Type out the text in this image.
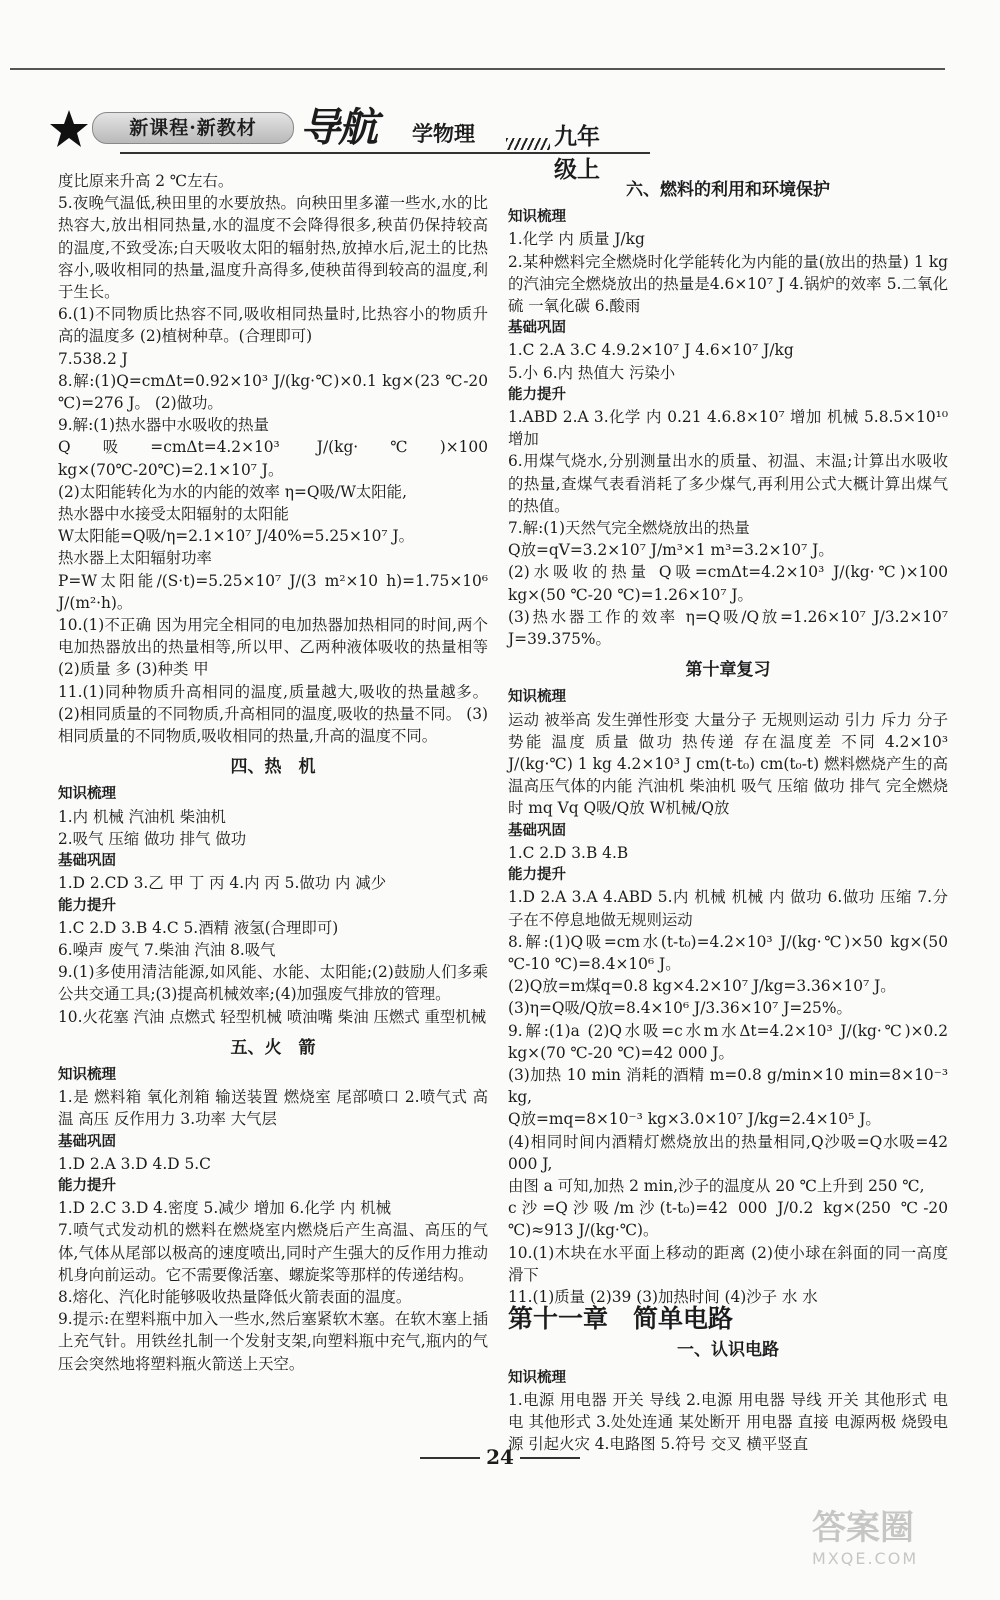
新课程·新教材	导航 学物理	九年级上

度比原来升高 2 ℃左右。

5.夜晚气温低,秧田里的水要放热。向秧田里多灌一些水,水的比热容大,放出相同热量,水的温度不会降得很多,秧苗仍保持较高的温度,不致受冻;白天吸收太阳的辐射热,放掉水后,泥土的比热容小,吸收相同的热量,温度升高得多,使秧苗得到较高的温度,利于生长。

6.(1)不同物质比热容不同,吸收相同热量时,比热容小的物质升高的温度多 (2)植树种草。(合理即可)

7.538.2 J

8.解:(1)Q=cmΔt=0.92×10³ J/(kg·℃)×0.1 kg×(23 ℃-20 ℃)=276 J。 (2)做功。

9.解:(1)热水器中水吸收的热量

Q吸=cmΔt=4.2×10³ J/(kg·℃)×100 kg×(70℃-20℃)=2.1×10⁷ J。

(2)太阳能转化为水的内能的效率 η=Q吸/W太阳能,

热水器中水接受太阳辐射的太阳能

W太阳能=Q吸/η=2.1×10⁷ J/40%=5.25×10⁷ J。

热水器上太阳辐射功率

P=W太阳能/(S·t)=5.25×10⁷ J/(3 m²×10 h)=1.75×10⁶ J/(m²·h)。

10.(1)不正确 因为用完全相同的电加热器加热相同的时间,两个电加热器放出的热量相等,所以甲、乙两种液体吸收的热量相等 (2)质量 多 (3)种类 甲

11.(1)同种物质升高相同的温度,质量越大,吸收的热量越多。 (2)相同质量的不同物质,升高相同的温度,吸收的热量不同。 (3)相同质量的不同物质,吸收相同的热量,升高的温度不同。

四、热　机

知识梳理

1.内 机械 汽油机 柴油机

2.吸气 压缩 做功 排气 做功

基础巩固

1.D 2.CD 3.乙 甲 丁 丙 4.内 丙 5.做功 内 减少

能力提升

1.C 2.D 3.B 4.C 5.酒精 液氢(合理即可)

6.噪声 废气 7.柴油 汽油 8.吸气

9.(1)多使用清洁能源,如风能、水能、太阳能;(2)鼓励人们多乘公共交通工具;(3)提高机械效率;(4)加强废气排放的管理。

10.火花塞 汽油 点燃式 轻型机械 喷油嘴 柴油 压燃式 重型机械

五、火　箭

知识梳理

1.是 燃料箱 氧化剂箱 输送装置 燃烧室 尾部喷口 2.喷气式 高温 高压 反作用力 3.功率 大气层

基础巩固

1.D 2.A 3.D 4.D 5.C

能力提升

1.D 2.C 3.D 4.密度 5.减少 增加 6.化学 内 机械

7.喷气式发动机的燃料在燃烧室内燃烧后产生高温、高压的气体,气体从尾部以极高的速度喷出,同时产生强大的反作用力推动机身向前运动。它不需要像活塞、螺旋桨等那样的传递结构。

8.熔化、汽化时能够吸收热量降低火箭表面的温度。

9.提示:在塑料瓶中加入一些水,然后塞紧软木塞。在软木塞上插上充气针。用铁丝扎制一个发射支架,向塑料瓶中充气,瓶内的气压会突然地将塑料瓶火箭送上天空。

六、燃料的利用和环境保护

知识梳理

1.化学 内 质量 J/kg

2.某种燃料完全燃烧时化学能转化为内能的量(放出的热量) 1 kg 的汽油完全燃烧放出的热量是4.6×10⁷ J 4.锅炉的效率 5.二氧化硫 一氧化碳 6.酸雨

基础巩固

1.C 2.A 3.C 4.9.2×10⁷ J 4.6×10⁷ J/kg

5.小 6.内 热值大 污染小

能力提升

1.ABD 2.A 3.化学 内 0.21 4.6.8×10⁷ 增加 机械 5.8.5×10¹⁰ 增加

6.用煤气烧水,分别测量出水的质量、初温、末温;计算出水吸收的热量,查煤气表看消耗了多少煤气,再利用公式大概计算出煤气的热值。

7.解:(1)天然气完全燃烧放出的热量

Q放=qV=3.2×10⁷ J/m³×1 m³=3.2×10⁷ J。

(2)水吸收的热量 Q吸=cmΔt=4.2×10³ J/(kg·℃)×100 kg×(50 ℃-20 ℃)=1.26×10⁷ J。

(3)热水器工作的效率 η=Q吸/Q放=1.26×10⁷ J/3.2×10⁷ J=39.375%。

第十章复习

知识梳理

运动 被举高 发生弹性形变 大量分子 无规则运动 引力 斥力 分子势能 温度 质量 做功 热传递 存在温度差 不同 4.2×10³ J/(kg·℃) 1 kg 4.2×10³ J cm(t-t₀) cm(t₀-t) 燃料燃烧产生的高温高压气体的内能 汽油机 柴油机 吸气 压缩 做功 排气 完全燃烧时 mq Vq Q吸/Q放 W机械/Q放

基础巩固

1.C 2.D 3.B 4.B

能力提升

1.D 2.A 3.A 4.ABD 5.内 机械 机械 内 做功 6.做功 压缩 7.分子在不停息地做无规则运动

8.解:(1)Q吸=cm水(t-t₀)=4.2×10³ J/(kg·℃)×50 kg×(50 ℃-10 ℃)=8.4×10⁶ J。

(2)Q放=m煤q=0.8 kg×4.2×10⁷ J/kg=3.36×10⁷ J。

(3)η=Q吸/Q放=8.4×10⁶ J/3.36×10⁷ J=25%。

9.解:(1)a (2)Q水吸=c水m水Δt=4.2×10³ J/(kg·℃)×0.2 kg×(70 ℃-20 ℃)=42 000 J。

(3)加热 10 min 消耗的酒精 m=0.8 g/min×10 min=8×10⁻³ kg,

Q放=mq=8×10⁻³ kg×3.0×10⁷ J/kg=2.4×10⁵ J。

(4)相同时间内酒精灯燃烧放出的热量相同,Q沙吸=Q水吸=42 000 J,

由图 a 可知,加热 2 min,沙子的温度从 20 ℃上升到 250 ℃,

c沙=Q沙吸/m沙(t-t₀)=42 000 J/0.2 kg×(250 ℃-20 ℃)≈913 J/(kg·℃)。

10.(1)木块在水平面上移动的距离 (2)使小球在斜面的同一高度滑下

11.(1)质量 (2)39 (3)加热时间 (4)沙子 水 水

第十一章　简单电路

一、认识电路

知识梳理

1.电源 用电器 开关 导线 2.电源 用电器 导线 开关 其他形式 电 电 其他形式 3.处处连通 某处断开 用电器 直接 电源两极 烧毁电源 引起火灾 4.电路图 5.符号 交叉 横平竖直

24
答案圈
MXQE.COM
